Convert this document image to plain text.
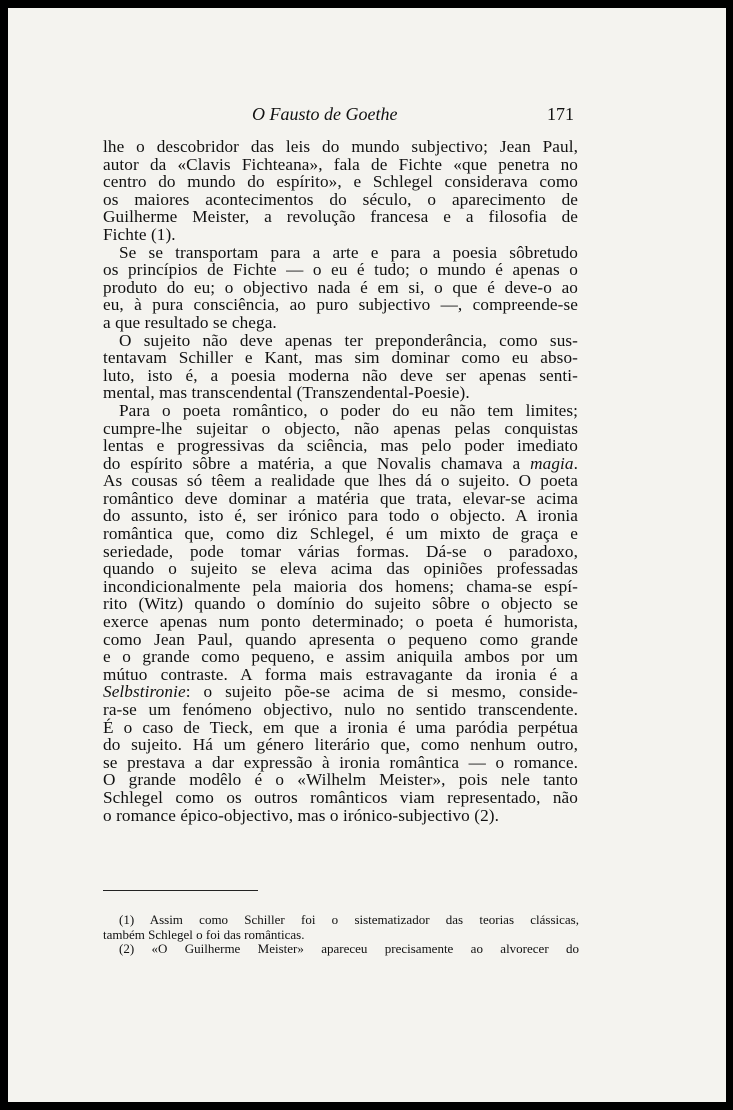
O Fausto de Goethe	171
lhe o descobridor das leis do mundo subjectivo; Jean Paul,
autor da «Clavis Fichteana», fala de Fichte «que penetra no
centro do mundo do espírito», e Schlegel considerava como
os maiores acontecimentos do século, o aparecimento de
Guilherme Meister, a revolução francesa e a filosofia de
Fichte (1).
Se se transportam para a arte e para a poesia sôbretudo
os princípios de Fichte — o eu é tudo; o mundo é apenas o
produto do eu; o objectivo nada é em si, o que é deve-o ao
eu, à pura consciência, ao puro subjectivo —, compreende-se
a que resultado se chega.
O sujeito não deve apenas ter preponderância, como sus-
tentavam Schiller e Kant, mas sim dominar como eu abso-
luto, isto é, a poesia moderna não deve ser apenas senti-
mental, mas transcendental (Transzendental-Poesie).
Para o poeta romântico, o poder do eu não tem limites;
cumpre-lhe sujeitar o objecto, não apenas pelas conquistas
lentas e progressivas da sciência, mas pelo poder imediato
do espírito sôbre a matéria, a que Novalis chamava a magia.
As cousas só têem a realidade que lhes dá o sujeito. O poeta
romântico deve dominar a matéria que trata, elevar-se acima
do assunto, isto é, ser irónico para todo o objecto. A ironia
romântica que, como diz Schlegel, é um mixto de graça e
seriedade, pode tomar várias formas. Dá-se o paradoxo,
quando o sujeito se eleva acima das opiniões professadas
incondicionalmente pela maioria dos homens; chama-se espí-
rito (Witz) quando o domínio do sujeito sôbre o objecto se
exerce apenas num ponto determinado; o poeta é humorista,
como Jean Paul, quando apresenta o pequeno como grande
e o grande como pequeno, e assim aniquila ambos por um
mútuo contraste. A forma mais estravagante da ironia é a
Selbstironie: o sujeito põe-se acima de si mesmo, conside-
ra-se um fenómeno objectivo, nulo no sentido transcendente.
É o caso de Tieck, em que a ironia é uma paródia perpétua
do sujeito. Há um género literário que, como nenhum outro,
se prestava a dar expressão à ironia romântica — o romance.
O grande modêlo é o «Wilhelm Meister», pois nele tanto
Schlegel como os outros românticos viam representado, não
o romance épico-objectivo, mas o irónico-subjectivo (2).
(1) Assim como Schiller foi o sistematizador das teorias clássicas,
também Schlegel o foi das românticas.
(2) «O Guilherme Meister» apareceu precisamente ao alvorecer do
